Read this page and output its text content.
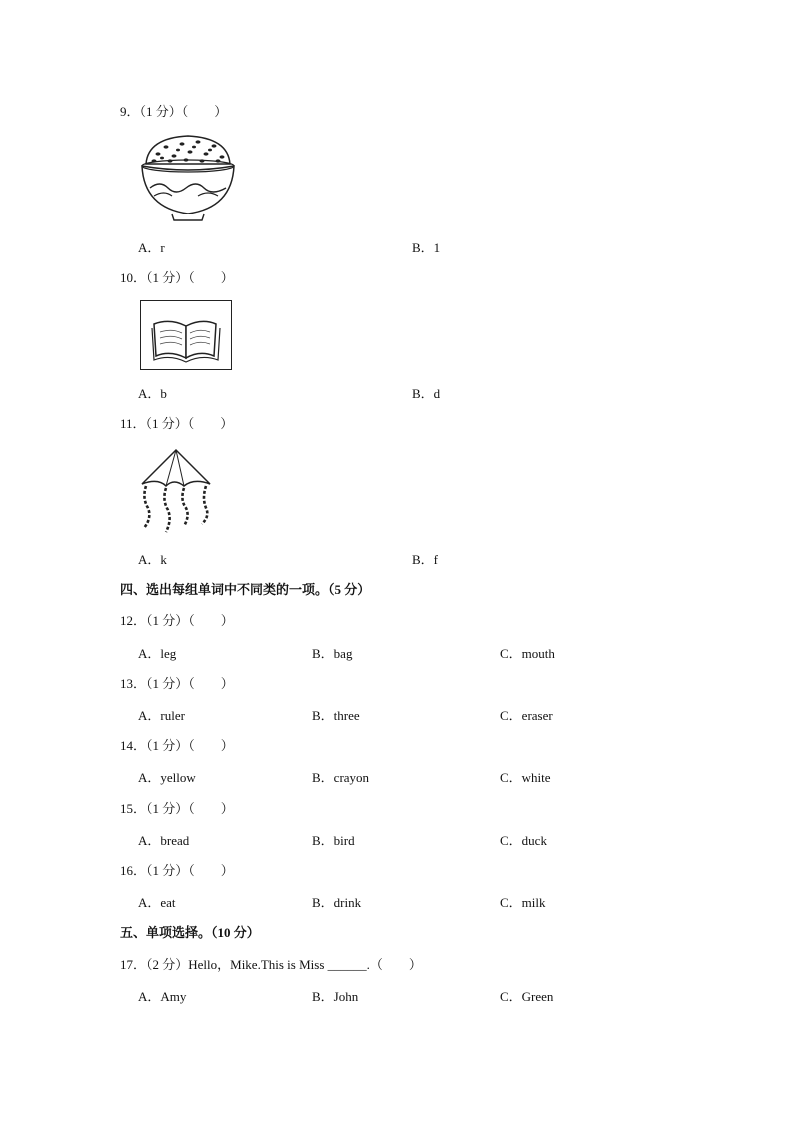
9．（1 分）（　　）
A．r	B．1
10．（1 分）（　　）
A．b	B．d
11．（1 分）（　　）
A．k	B．f
四、选出每组单词中不同类的一项。（5 分）
12．（1 分）（　　）
A．leg	B．bag	C．mouth
13．（1 分）（　　）
A．ruler	B．three	C．eraser
14．（1 分）（　　）
A．yellow	B．crayon	C．white
15．（1 分）（　　）
A．bread	B．bird	C．duck
16．（1 分）（　　）
A．eat	B．drink	C．milk
五、单项选择。（10 分）
17．（2 分）Hello，Mike.This is Miss ______.（　　）
A．Amy	B．John	C．Green
